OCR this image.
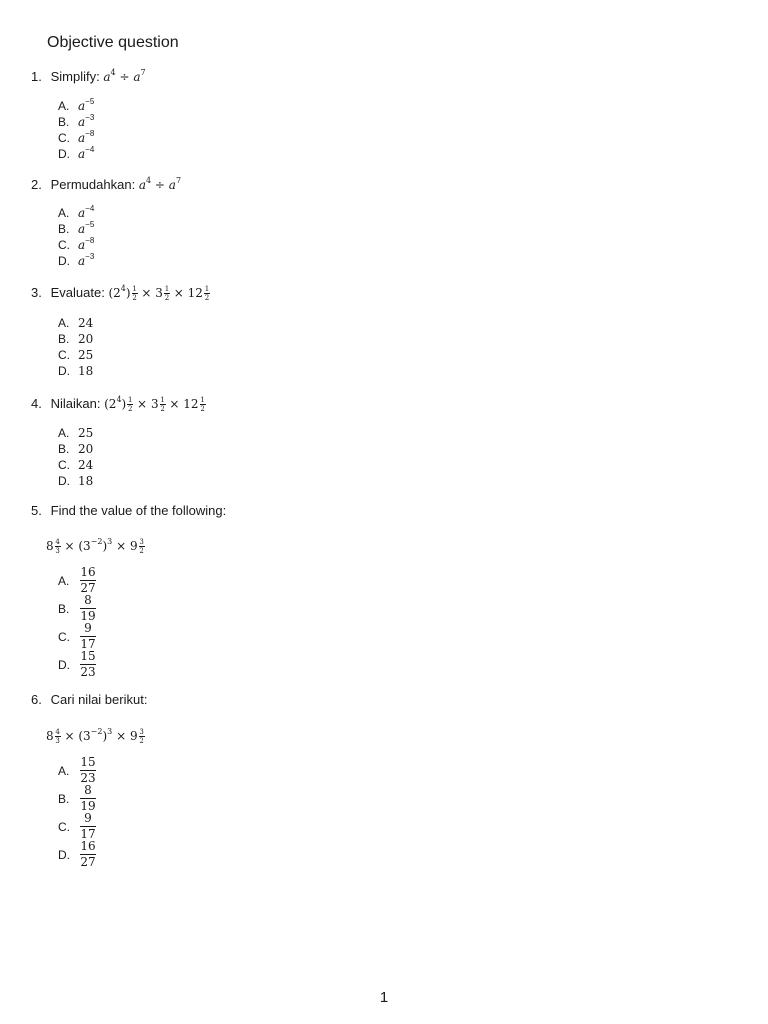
Objective question
1. Simplify: $a^4 \div a^7$
A. $a^{-5}$
B. $a^{-3}$
C. $a^{-8}$
D. $a^{-4}$
2. Permudahkan: $a^4 \div a^7$
A. $a^{-4}$
B. $a^{-5}$
C. $a^{-8}$
D. $a^{-3}$
3. Evaluate: $(2^4) \frac{1}{2} \times 3 \frac{1}{2} \times 12 \frac{1}{2}$
A. 24
B. 20
C. 25
D. 18
4. Nilaikan: $(2^4) \frac{1}{2} \times 3 \frac{1}{2} \times 12 \frac{1}{2}$
A. 25
B. 20
C. 24
D. 18
5. Find the value of the following:
$8 \frac{4}{3} \times (3^{-2})^3 \times 9 \frac{3}{2}$
A.
16
27
B.
8
19
C.
9
17
D.
15
23
6. Cari nilai berikut:
$8 \frac{4}{3} \times (3^{-2})^3 \times 9 \frac{3}{2}$
A.
15
23
B.
8
19
C.
9
17
D.
16
27
1
